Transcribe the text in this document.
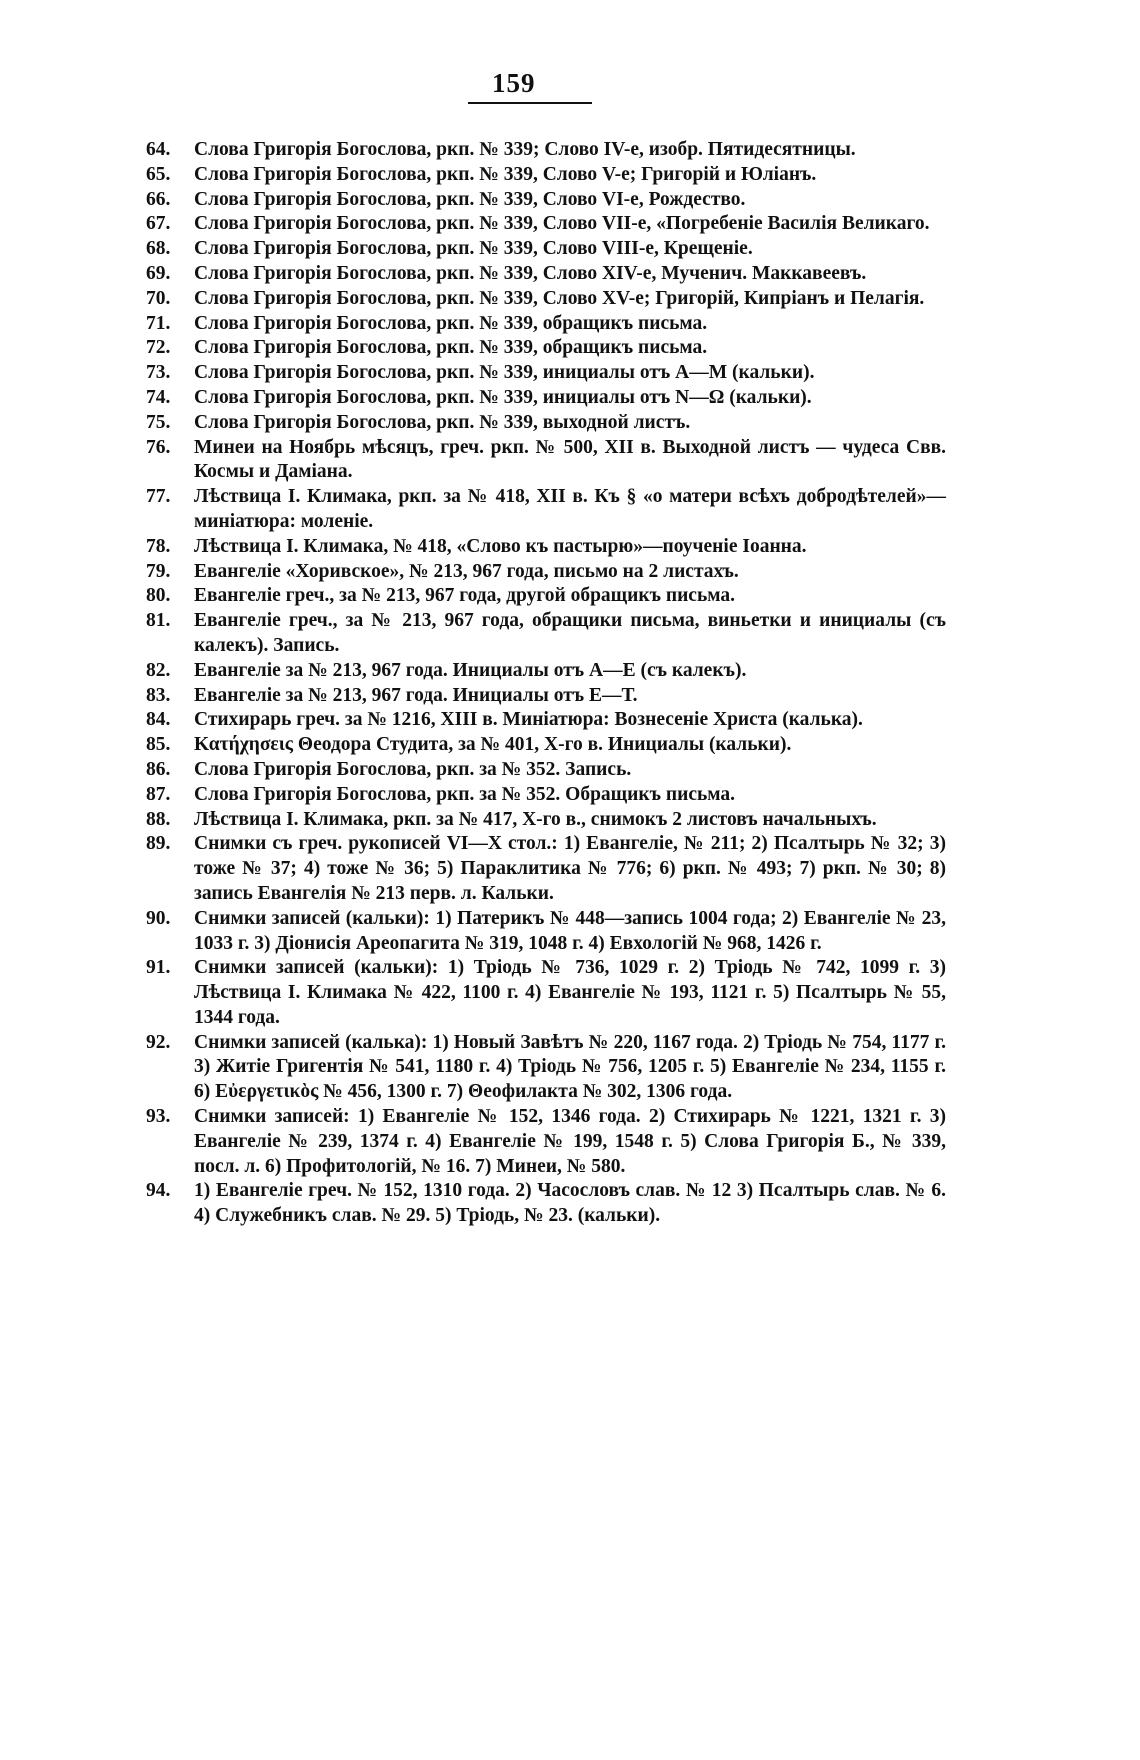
159
64. Слова Григорія Богослова, ркп. № 339; Слово IV-е, изобр. Пятидесятницы.
65. Слова Григорія Богослова, ркп. № 339, Слово V-е; Григорій и Юліанъ.
66. Слова Григорія Богослова, ркп. № 339, Слово VI-е, Рождество.
67. Слова Григорія Богослова, ркп. № 339, Слово VII-е, «Погребеніе Василія Великаго.
68. Слова Григорія Богослова, ркп. № 339, Слово VIII-е, Крещеніе.
69. Слова Григорія Богослова, ркп. № 339, Слово XIV-е, Мученич. Маккавеевъ.
70. Слова Григорія Богослова, ркп. № 339, Слово XV-е; Григорій, Кипріанъ и Пелагія.
71. Слова Григорія Богослова, ркп. № 339, обращикъ письма.
72. Слова Григорія Богослова, ркп. № 339, обращикъ письма.
73. Слова Григорія Богослова, ркп. № 339, инициалы отъ А—М (кальки).
74. Слова Григорія Богослова, ркп. № 339, инициалы отъ N—Ω (кальки).
75. Слова Григорія Богослова, ркп. № 339, выходной листъ.
76. Минеи на Ноябрь мѣсяцъ, греч. ркп. № 500, XII в. Выходной листъ — чудеса Свв. Космы и Даміана.
77. Лѣствица I. Климака, ркп. за № 418, XII в. Къ § «о матери всѣхъ добродѣтелей»—миніатюра: моленіе.
78. Лѣствица I. Климака, № 418, «Слово къ пастырю»—поученіе Іоанна.
79. Евангеліе «Хоривское», № 213, 967 года, письмо на 2 листахъ.
80. Евангеліе греч., за № 213, 967 года, другой обращикъ письма.
81. Евангеліе греч., за № 213, 967 года, обращики письма, виньетки и инициалы (съ калекъ). Запись.
82. Евангеліе за № 213, 967 года. Инициалы отъ А—Е (съ калекъ).
83. Евангеліе за № 213, 967 года. Инициалы отъ Е—Т.
84. Стихирарь греч. за № 1216, XIII в. Миніатюра: Вознесеніе Христа (калька).
85. Κατήχησεις Θеодора Студита, за № 401, X-го в. Инициалы (кальки).
86. Слова Григорія Богослова, ркп. за № 352. Запись.
87. Слова Григорія Богослова, ркп. за № 352. Обращикъ письма.
88. Лѣствица I. Климака, ркп. за № 417, X-го в., снимокъ 2 листовъ начальныхъ.
89. Снимки съ греч. рукописей VI—X стол.: 1) Евангеліе, № 211; 2) Псалтырь № 32; 3) тоже № 37; 4) тоже № 36; 5) Параклитика № 776; 6) ркп. № 493; 7) ркп. № 30; 8) запись Евангелія № 213 перв. л. Кальки.
90. Снимки записей (кальки): 1) Патерикъ № 448—запись 1004 года; 2) Евангеліе № 23, 1033 г. 3) Діонисія Ареопагита № 319, 1048 г. 4) Евхологій № 968, 1426 г.
91. Снимки записей (кальки): 1) Тріодь № 736, 1029 г. 2) Тріодь № 742, 1099 г. 3) Лѣствица I. Климака № 422, 1100 г. 4) Евангеліе № 193, 1121 г. 5) Псалтырь № 55, 1344 года.
92. Снимки записей (калька): 1) Новый Завѣтъ № 220, 1167 года. 2) Тріодь № 754, 1177 г. 3) Житіе Григентія № 541, 1180 г. 4) Тріодь № 756, 1205 г. 5) Евангеліе № 234, 1155 г. 6) Εὐεργετικὸς № 456, 1300 г. 7) Θеофилакта № 302, 1306 года.
93. Снимки записей: 1) Евангеліе № 152, 1346 года. 2) Стихирарь № 1221, 1321 г. 3) Евангеліе № 239, 1374 г. 4) Евангеліе № 199, 1548 г. 5) Слова Григорія Б., № 339, посл. л. 6) Профитологій, № 16. 7) Минеи, № 580.
94. 1) Евангеліе греч. № 152, 1310 года. 2) Часословъ слав. № 12 3) Псалтырь слав. № 6. 4) Служебникъ слав. № 29. 5) Тріодь, № 23. (кальки).
